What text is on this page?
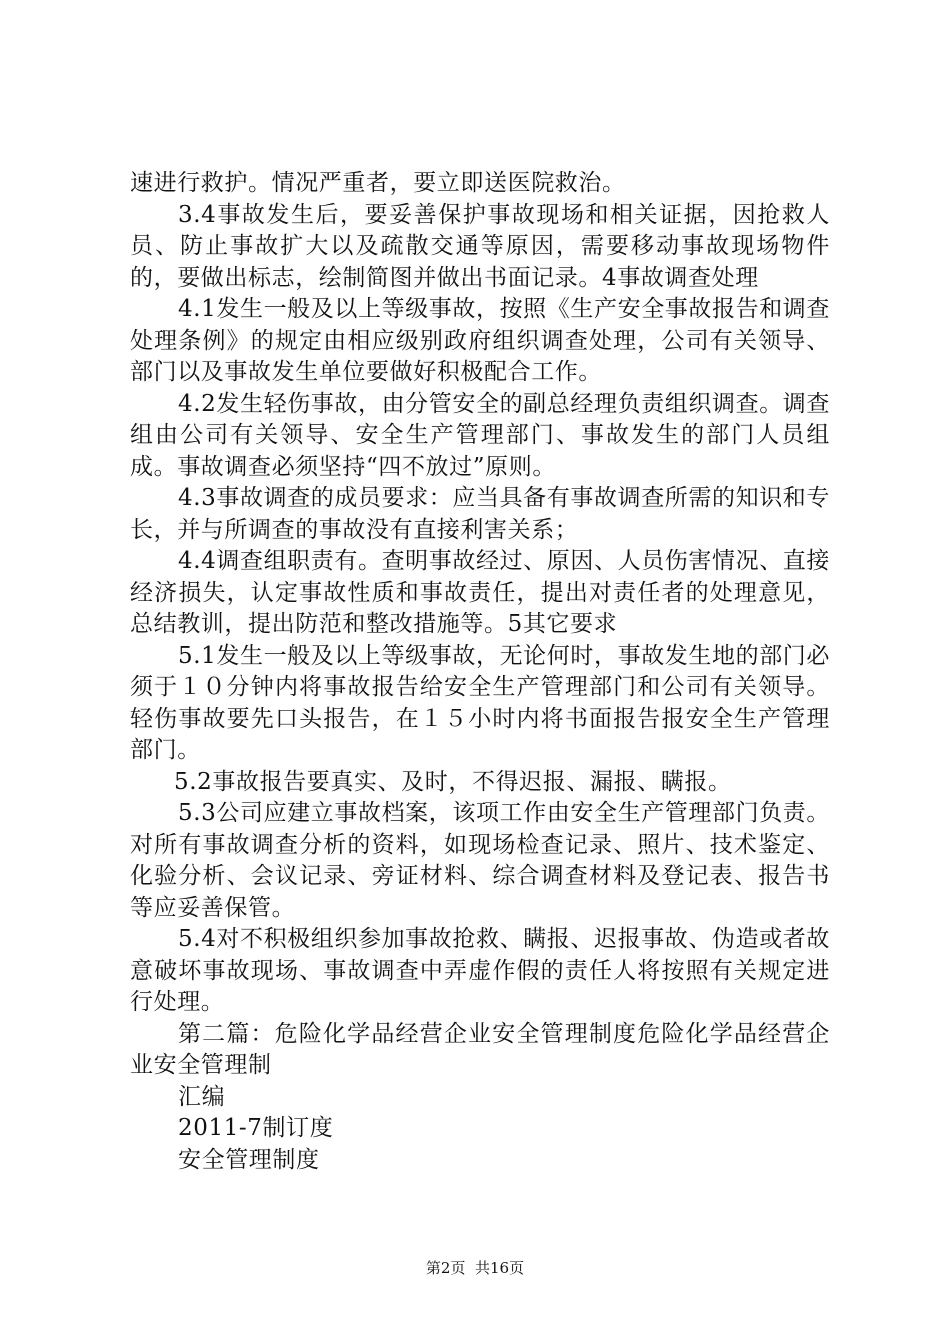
速进行救护。情况严重者，要立即送医院救治。

3.4事故发生后，要妥善保护事故现场和相关证据，因抢救人员、防止事故扩大以及疏散交通等原因，需要移动事故现场物件的，要做出标志，绘制简图并做出书面记录。4事故调查处理

4.1发生一般及以上等级事故，按照《生产安全事故报告和调查处理条例》的规定由相应级别政府组织调查处理，公司有关领导、部门以及事故发生单位要做好积极配合工作。

4.2发生轻伤事故，由分管安全的副总经理负责组织调查。调查组由公司有关领导、安全生产管理部门、事故发生的部门人员组成。事故调查必须坚持“四不放过”原则。

4.3事故调查的成员要求：应当具备有事故调查所需的知识和专长，并与所调查的事故没有直接利害关系；

4.4调查组职责有。查明事故经过、原因、人员伤害情况、直接经济损失，认定事故性质和事故责任，提出对责任者的处理意见，总结教训，提出防范和整改措施等。5其它要求

5.1发生一般及以上等级事故，无论何时，事故发生地的部门必须于１０分钟内将事故报告给安全生产管理部门和公司有关领导。轻伤事故要先口头报告，在１５小时内将书面报告报安全生产管理部门。

5.2事故报告要真实、及时，不得迟报、漏报、瞒报。

5.3公司应建立事故档案，该项工作由安全生产管理部门负责。对所有事故调查分析的资料，如现场检查记录、照片、技术鉴定、化验分析、会议记录、旁证材料、综合调查材料及登记表、报告书等应妥善保管。

5.4对不积极组织参加事故抢救、瞒报、迟报事故、伪造或者故意破坏事故现场、事故调查中弄虚作假的责任人将按照有关规定进行处理。

第二篇：危险化学品经营企业安全管理制度危险化学品经营企业安全管理制

汇编

2011-7制订度

安全管理制度

第2页  共16页
